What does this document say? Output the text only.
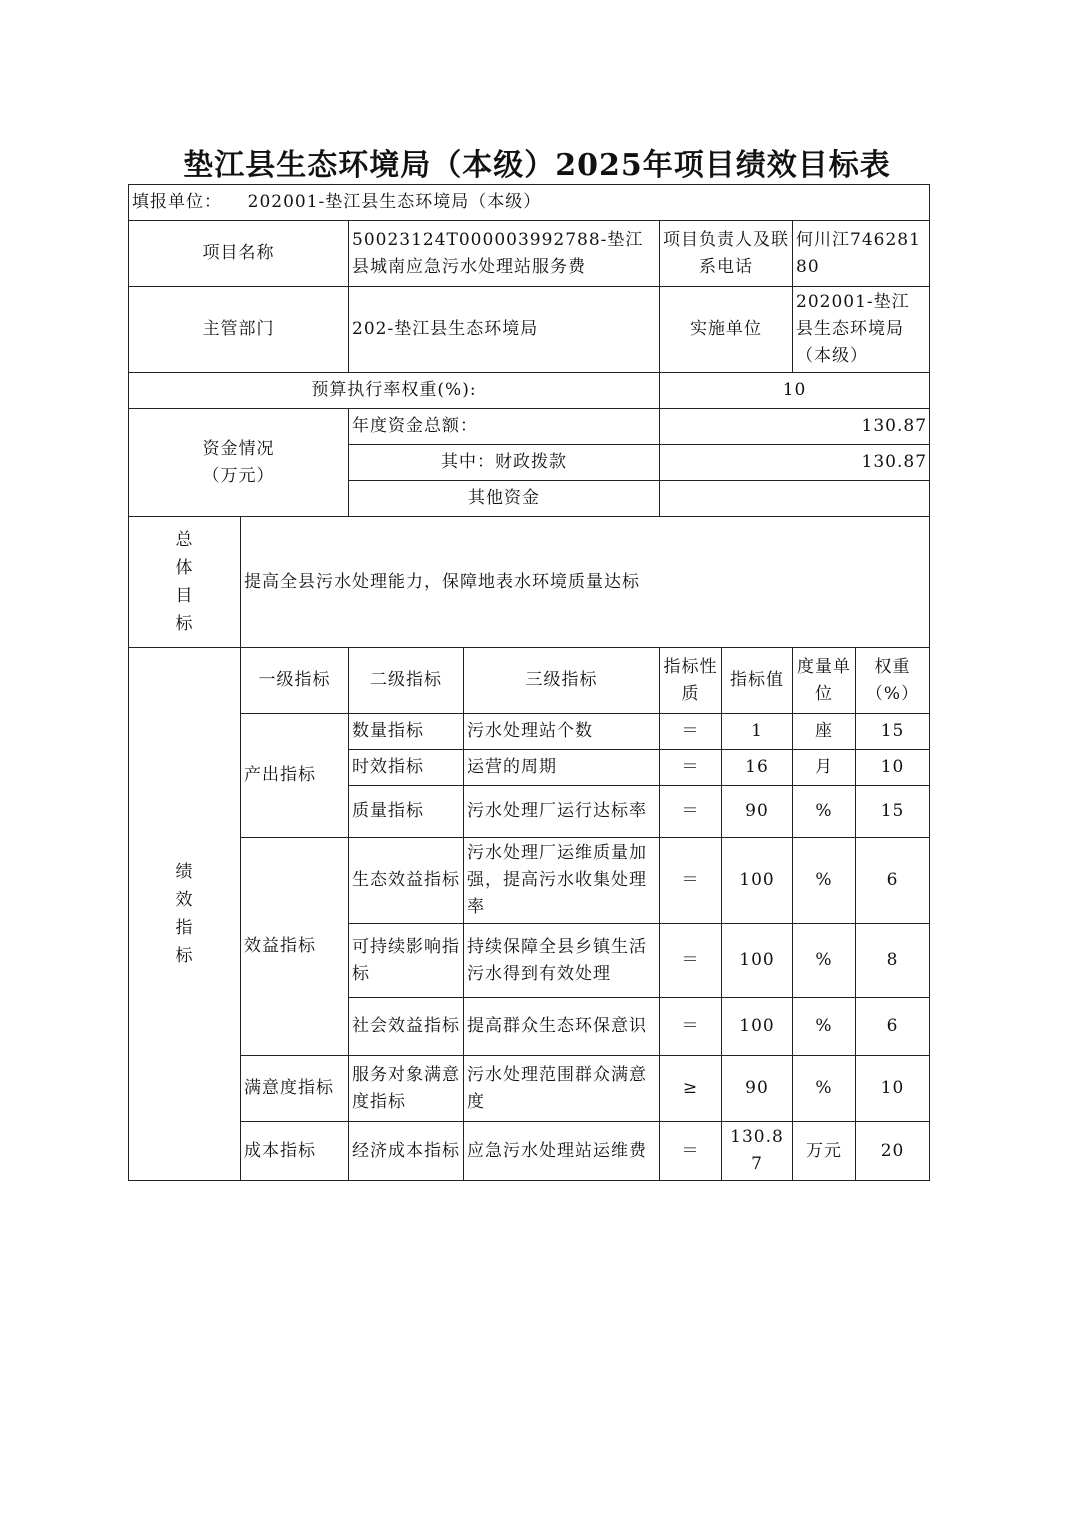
垫江县生态环境局（本级）2025年项目绩效目标表
填报单位： 202001-垫江县生态环境局（本级）							
项目名称		50023124T000003992788-垫江县城南应急污水处理站服务费		项目负责人及联系电话		何川江74628180	
主管部门		202-垫江县生态环境局		实施单位		202001-垫江县生态环境局（本级）	
预算执行率权重(%):				10			
资金情况（万元）		年度资金总额：		130.87			
		其中：财政拨款		130.87			
		其他资金					

总
体
目
标	提高全县污水处理能力，保障地表水环境质量达标						

绩
效
指
标	一级指标	二级指标	三级指标	指标性质	指标值	度量单位	权重（%）
	产出指标	数量指标	污水处理站个数	＝	1	座	15
		时效指标	运营的周期	＝	16	月	10
		质量指标	污水处理厂运行达标率	＝	90	%	15
	效益指标	生态效益指标	污水处理厂运维质量加强，提高污水收集处理率	＝	100	%	6
		可持续影响指标	持续保障全县乡镇生活污水得到有效处理	＝	100	%	8
		社会效益指标	提高群众生态环保意识	＝	100	%	6
	满意度指标	服务对象满意度指标	污水处理范围群众满意度	≥	90	%	10
	成本指标	经济成本指标	应急污水处理站运维费	＝	130.87	万元	20
